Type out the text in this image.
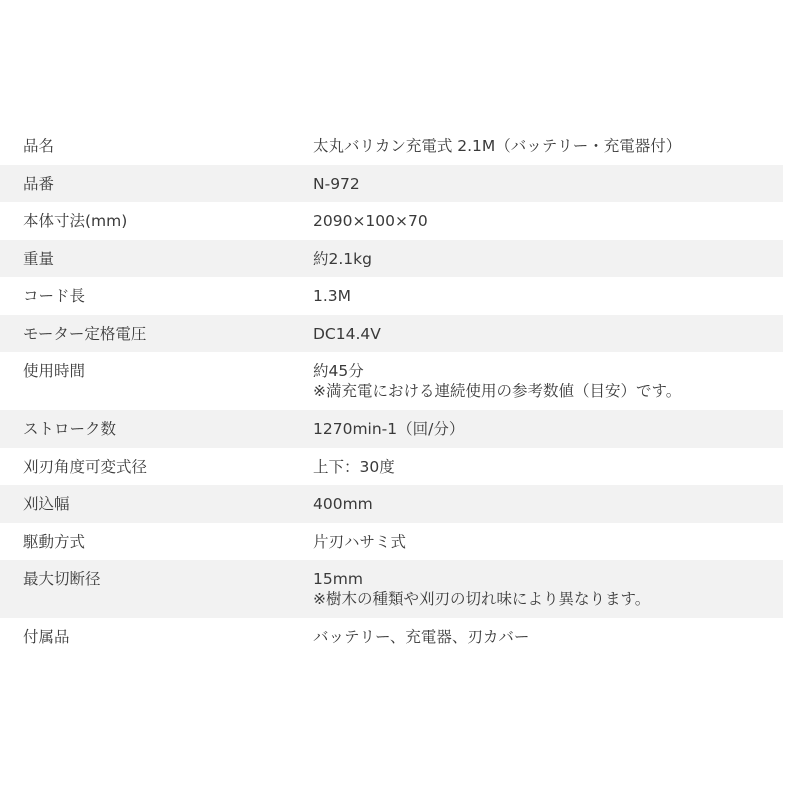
品名	太丸バリカン充電式 2.1M（バッテリー・充電器付）
品番	N-972
本体寸法(mm)	2090×100×70
重量	約2.1kg
コード長	1.3M
モーター定格電圧	DC14.4V
使用時間	約45分
※満充電における連続使用の参考数値（目安）です。
ストローク数	1270min-1（回/分）
刈刃角度可変式径	上下：30度
刈込幅	400mm
駆動方式	片刃ハサミ式
最大切断径	15mm
※樹木の種類や刈刃の切れ味により異なります。
付属品	バッテリー、充電器、刃カバー
